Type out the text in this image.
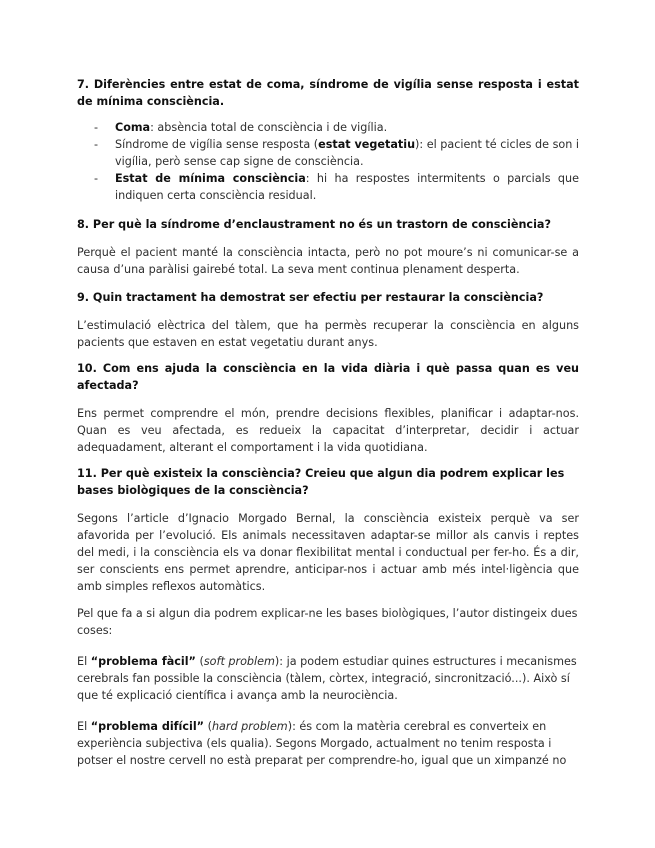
7. Diferències entre estat de coma, síndrome de vigília sense resposta i estat de mínima consciència.

- Coma: absència total de consciència i de vigília.
- Síndrome de vigília sense resposta (estat vegetatiu): el pacient té cicles de son i vigília, però sense cap signe de consciència.
- Estat de mínima consciència: hi ha respostes intermitents o parcials que indiquen certa consciència residual.

8. Per què la síndrome d’enclaustrament no és un trastorn de consciència?

Perquè el pacient manté la consciència intacta, però no pot moure’s ni comunicar-se a causa d’una paràlisi gairebé total. La seva ment continua plenament desperta.

9. Quin tractament ha demostrat ser efectiu per restaurar la consciència?

L’estimulació elèctrica del tàlem, que ha permès recuperar la consciència en alguns pacients que estaven en estat vegetatiu durant anys.

10. Com ens ajuda la consciència en la vida diària i què passa quan es veu afectada?

Ens permet comprendre el món, prendre decisions flexibles, planificar i adaptar-nos. Quan es veu afectada, es redueix la capacitat d’interpretar, decidir i actuar adequadament, alterant el comportament i la vida quotidiana.

11. Per què existeix la consciència? Creieu que algun dia podrem explicar les bases biològiques de la consciència?

Segons l’article d’Ignacio Morgado Bernal, la consciència existeix perquè va ser afavorida per l’evolució. Els animals necessitaven adaptar-se millor als canvis i reptes del medi, i la consciència els va donar flexibilitat mental i conductual per fer-ho. És a dir, ser conscients ens permet aprendre, anticipar-nos i actuar amb més intel·ligència que amb simples reflexos automàtics.

Pel que fa a si algun dia podrem explicar-ne les bases biològiques, l’autor distingeix dues coses:

El “problema fàcil” (soft problem): ja podem estudiar quines estructures i mecanismes cerebrals fan possible la consciència (tàlem, còrtex, integració, sincronització...). Això sí que té explicació científica i avança amb la neurociència.

El “problema difícil” (hard problem): és com la matèria cerebral es converteix en experiència subjectiva (els qualia). Segons Morgado, actualment no tenim resposta i potser el nostre cervell no està preparat per comprendre-ho, igual que un ximpanzé no
